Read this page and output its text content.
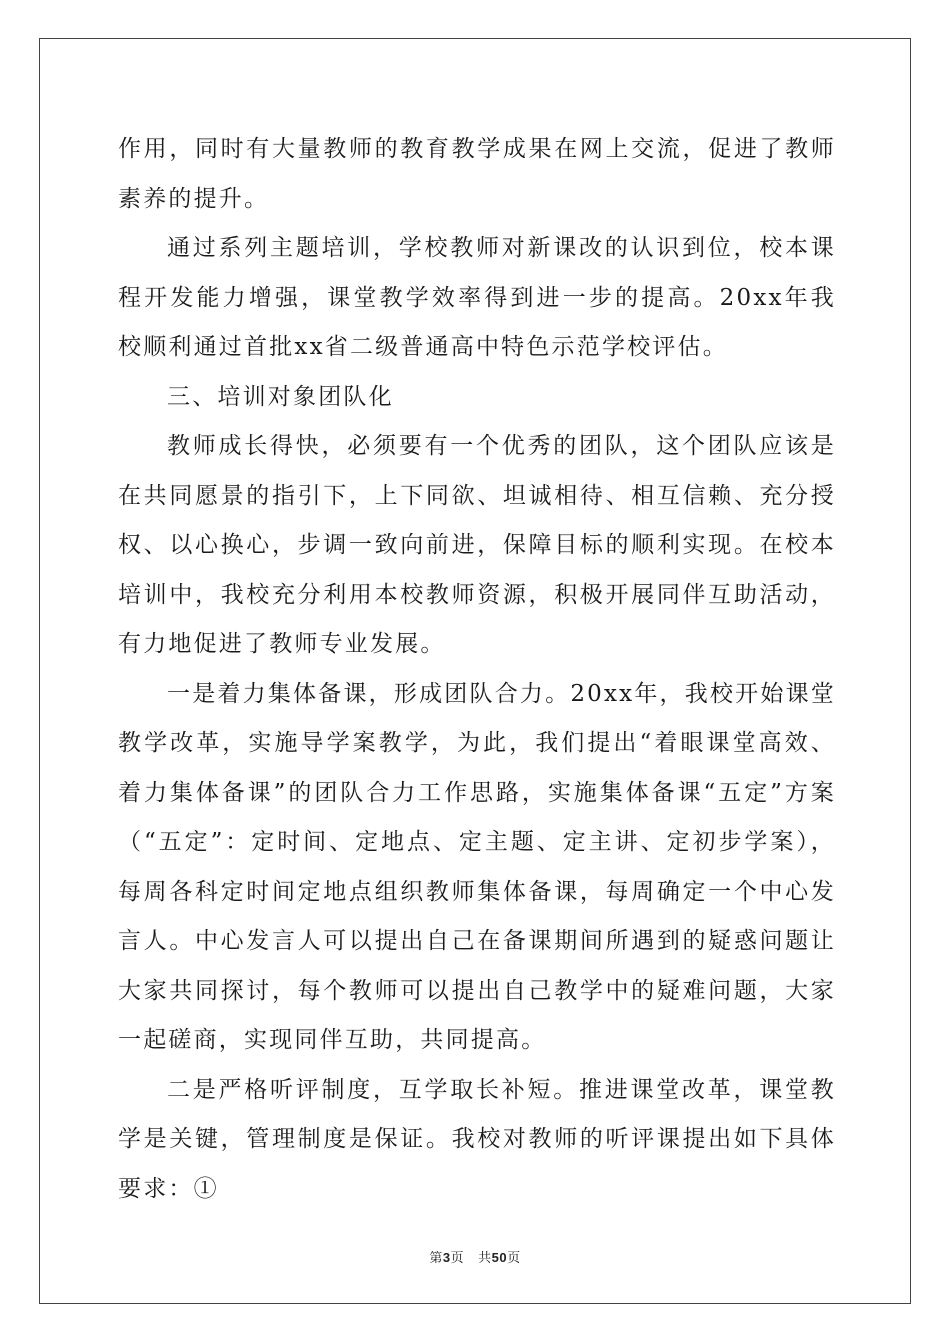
作用，同时有大量教师的教育教学成果在网上交流，促进了教师素养的提升。

通过系列主题培训，学校教师对新课改的认识到位，校本课程开发能力增强，课堂教学效率得到进一步的提高。20xx年我校顺利通过首批xx省二级普通高中特色示范学校评估。

三、培训对象团队化

教师成长得快，必须要有一个优秀的团队，这个团队应该是在共同愿景的指引下，上下同欲、坦诚相待、相互信赖、充分授权、以心换心，步调一致向前进，保障目标的顺利实现。在校本培训中，我校充分利用本校教师资源，积极开展同伴互助活动，有力地促进了教师专业发展。

一是着力集体备课，形成团队合力。20xx年，我校开始课堂教学改革，实施导学案教学，为此，我们提出“着眼课堂高效、着力集体备课”的团队合力工作思路，实施集体备课“五定”方案（“五定”：定时间、定地点、定主题、定主讲、定初步学案），每周各科定时间定地点组织教师集体备课，每周确定一个中心发言人。中心发言人可以提出自己在备课期间所遇到的疑惑问题让大家共同探讨，每个教师可以提出自己教学中的疑难问题，大家一起磋商，实现同伴互助，共同提高。

二是严格听评制度，互学取长补短。推进课堂改革，课堂教学是关键，管理制度是保证。我校对教师的听评课提出如下具体要求：①

第3页 共50页
